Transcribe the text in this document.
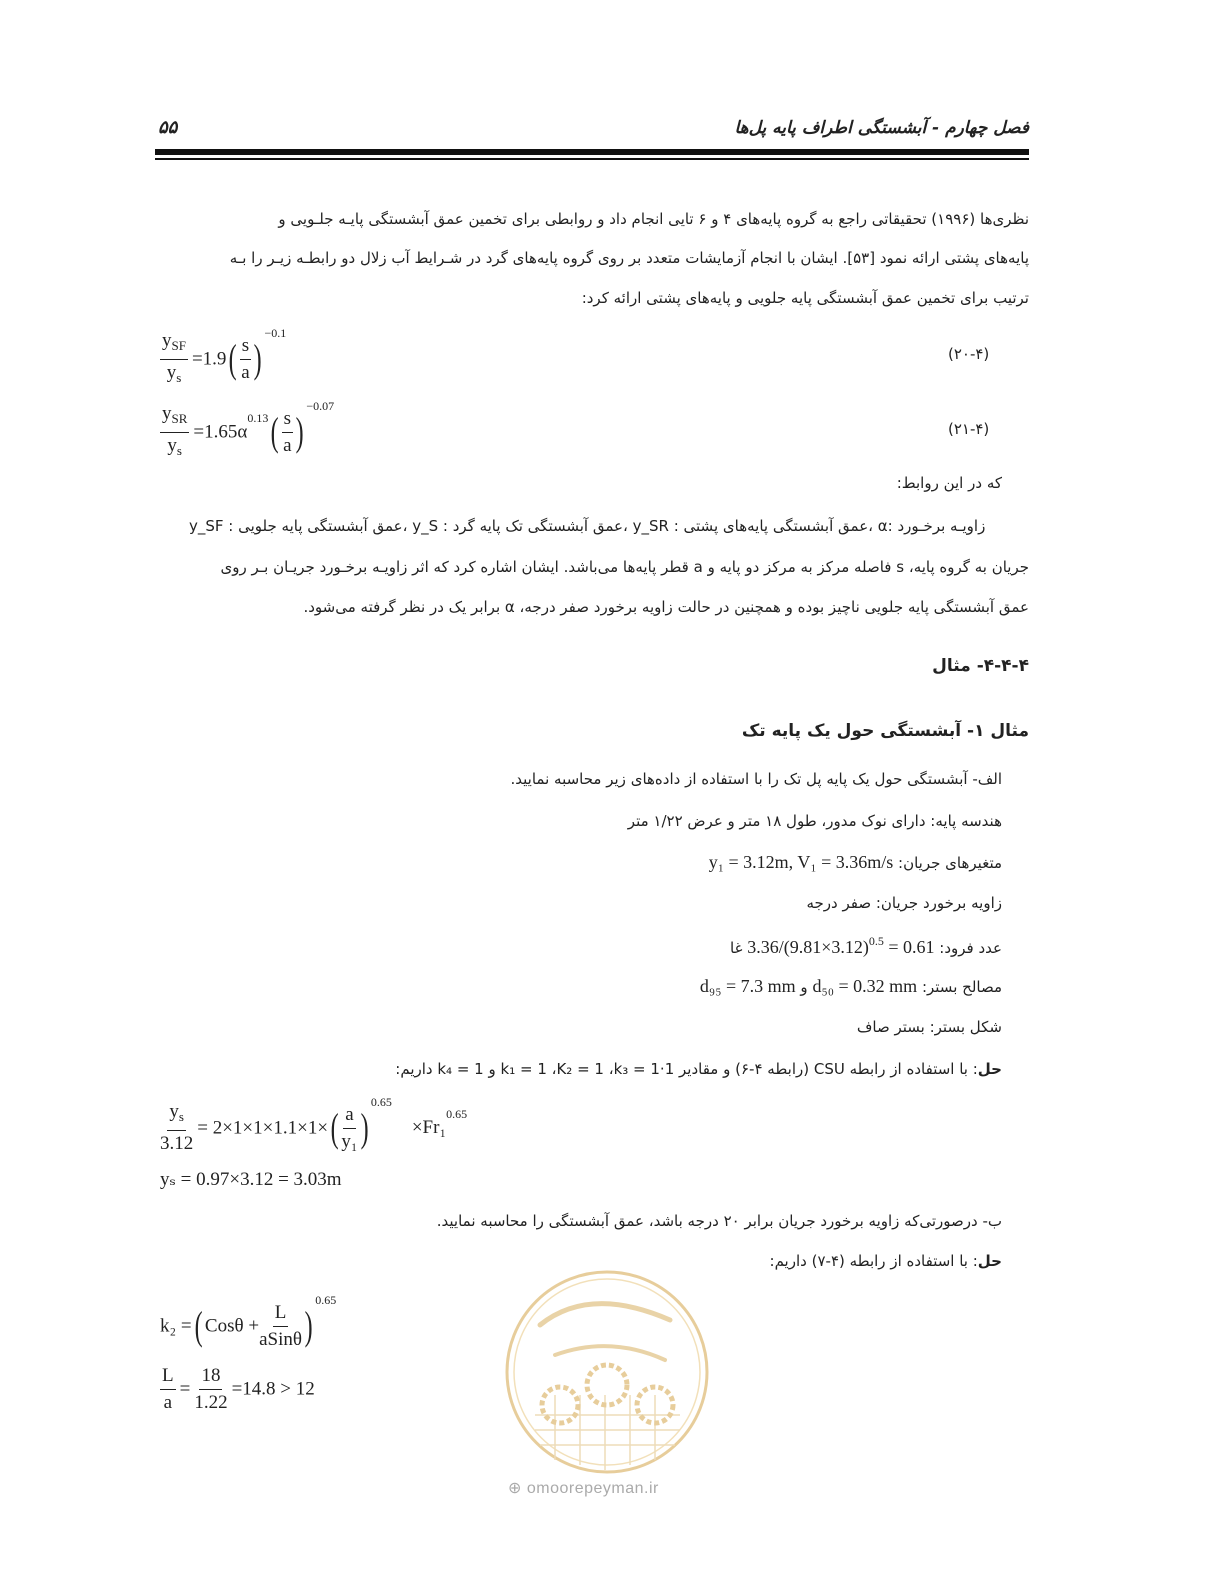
فصل چهارم - آبشستگی اطراف پایه پل‌ها
۵۵
نظری‌ها (۱۹۹۶) تحقیقاتی راجع به گروه پایه‌های ۴ و ۶ تایی انجام داد و روابطی برای تخمین عمق آبشستگی پایـه جلـویی و
پایه‌های پشتی ارائه نمود [۵۳]. ایشان با انجام آزمایشات متعدد بر روی گروه پایه‌های گرد در شـرایط آب زلال دو رابطـه زیـر را بـه
ترتیب برای تخمین عمق آبشستگی پایه جلویی و پایه‌های پشتی ارائه کرد:
$\frac{y_{SF}}{y_s} =1.9( \frac{s}{a} )^{-0.1}$
(۲۰-۴)
$\frac{y_{SR}}{y_s} =1.65\alpha^{0.13}( \frac{s}{a} )^{-0.07}$
(۲۱-۴)
که در این روابط:
y_SF : عمق آبشستگی پایه جلویی، y_S : عمق آبشستگی تک پایه گرد، y_SR : عمق آبشستگی پایه‌های پشتی، α: زاویـه برخـورد
جریان به گروه پایه، s فاصله مرکز به مرکز دو پایه و a قطر پایه‌ها می‌باشد. ایشان اشاره کرد که اثر زاویـه برخـورد جریـان بـر روی
عمق آبشستگی پایه جلویی ناچیز بوده و همچنین در حالت زاویه برخورد صفر درجه، α برابر یک در نظر گرفته می‌شود.
۴-۴-۴- مثال
مثال ۱- آبشستگی حول یک پایه تک
الف- آبشستگی حول یک پایه پل تک را با استفاده از داده‌های زیر محاسبه نمایید.
هندسه پایه: دارای نوک مدور، طول ۱۸ متر و عرض ۱/۲۲ متر
متغیرهای جریان: y₁ = 3.12m, V₁ = 3.36m/s
زاویه برخورد جریان: صفر درجه
عدد فرود: $3.36/(9.81\times 3.12)^{0.5} = 0.61$ غا
مصالح بستر: d₅₀ = 0.32 mm و d₉₅ = 7.3 mm
شکل بستر: بستر صاف
حل: با استفاده از رابطه CSU (رابطه ۴-۶) و مقادیر k₁ = 1 ،K₂ = 1 ،k₃ = 1·1 و k₄ = 1 داریم:
$\frac{y_s}{3.12} = 2\times 1\times 1\times 1.1\times 1\times( \frac{a}{\text{y₁}} )^{0.65} \times Fr_1^{0.65}$
yₛ = 0.97×3.12 = 3.03m
ب- درصورتی‌که زاویه برخورد جریان برابر ۲۰ درجه باشد، عمق آبشستگی را محاسبه نمایید.
حل: با استفاده از رابطه (۴-۷) داریم:
k₂ =( $Cos\theta + \frac{L}{\text{aSinθ}} )^{0.65}$
$\frac{L}{a} = \frac{18}{1.22} =14.8 > 12$
⊕ omoorepeyman.ir
